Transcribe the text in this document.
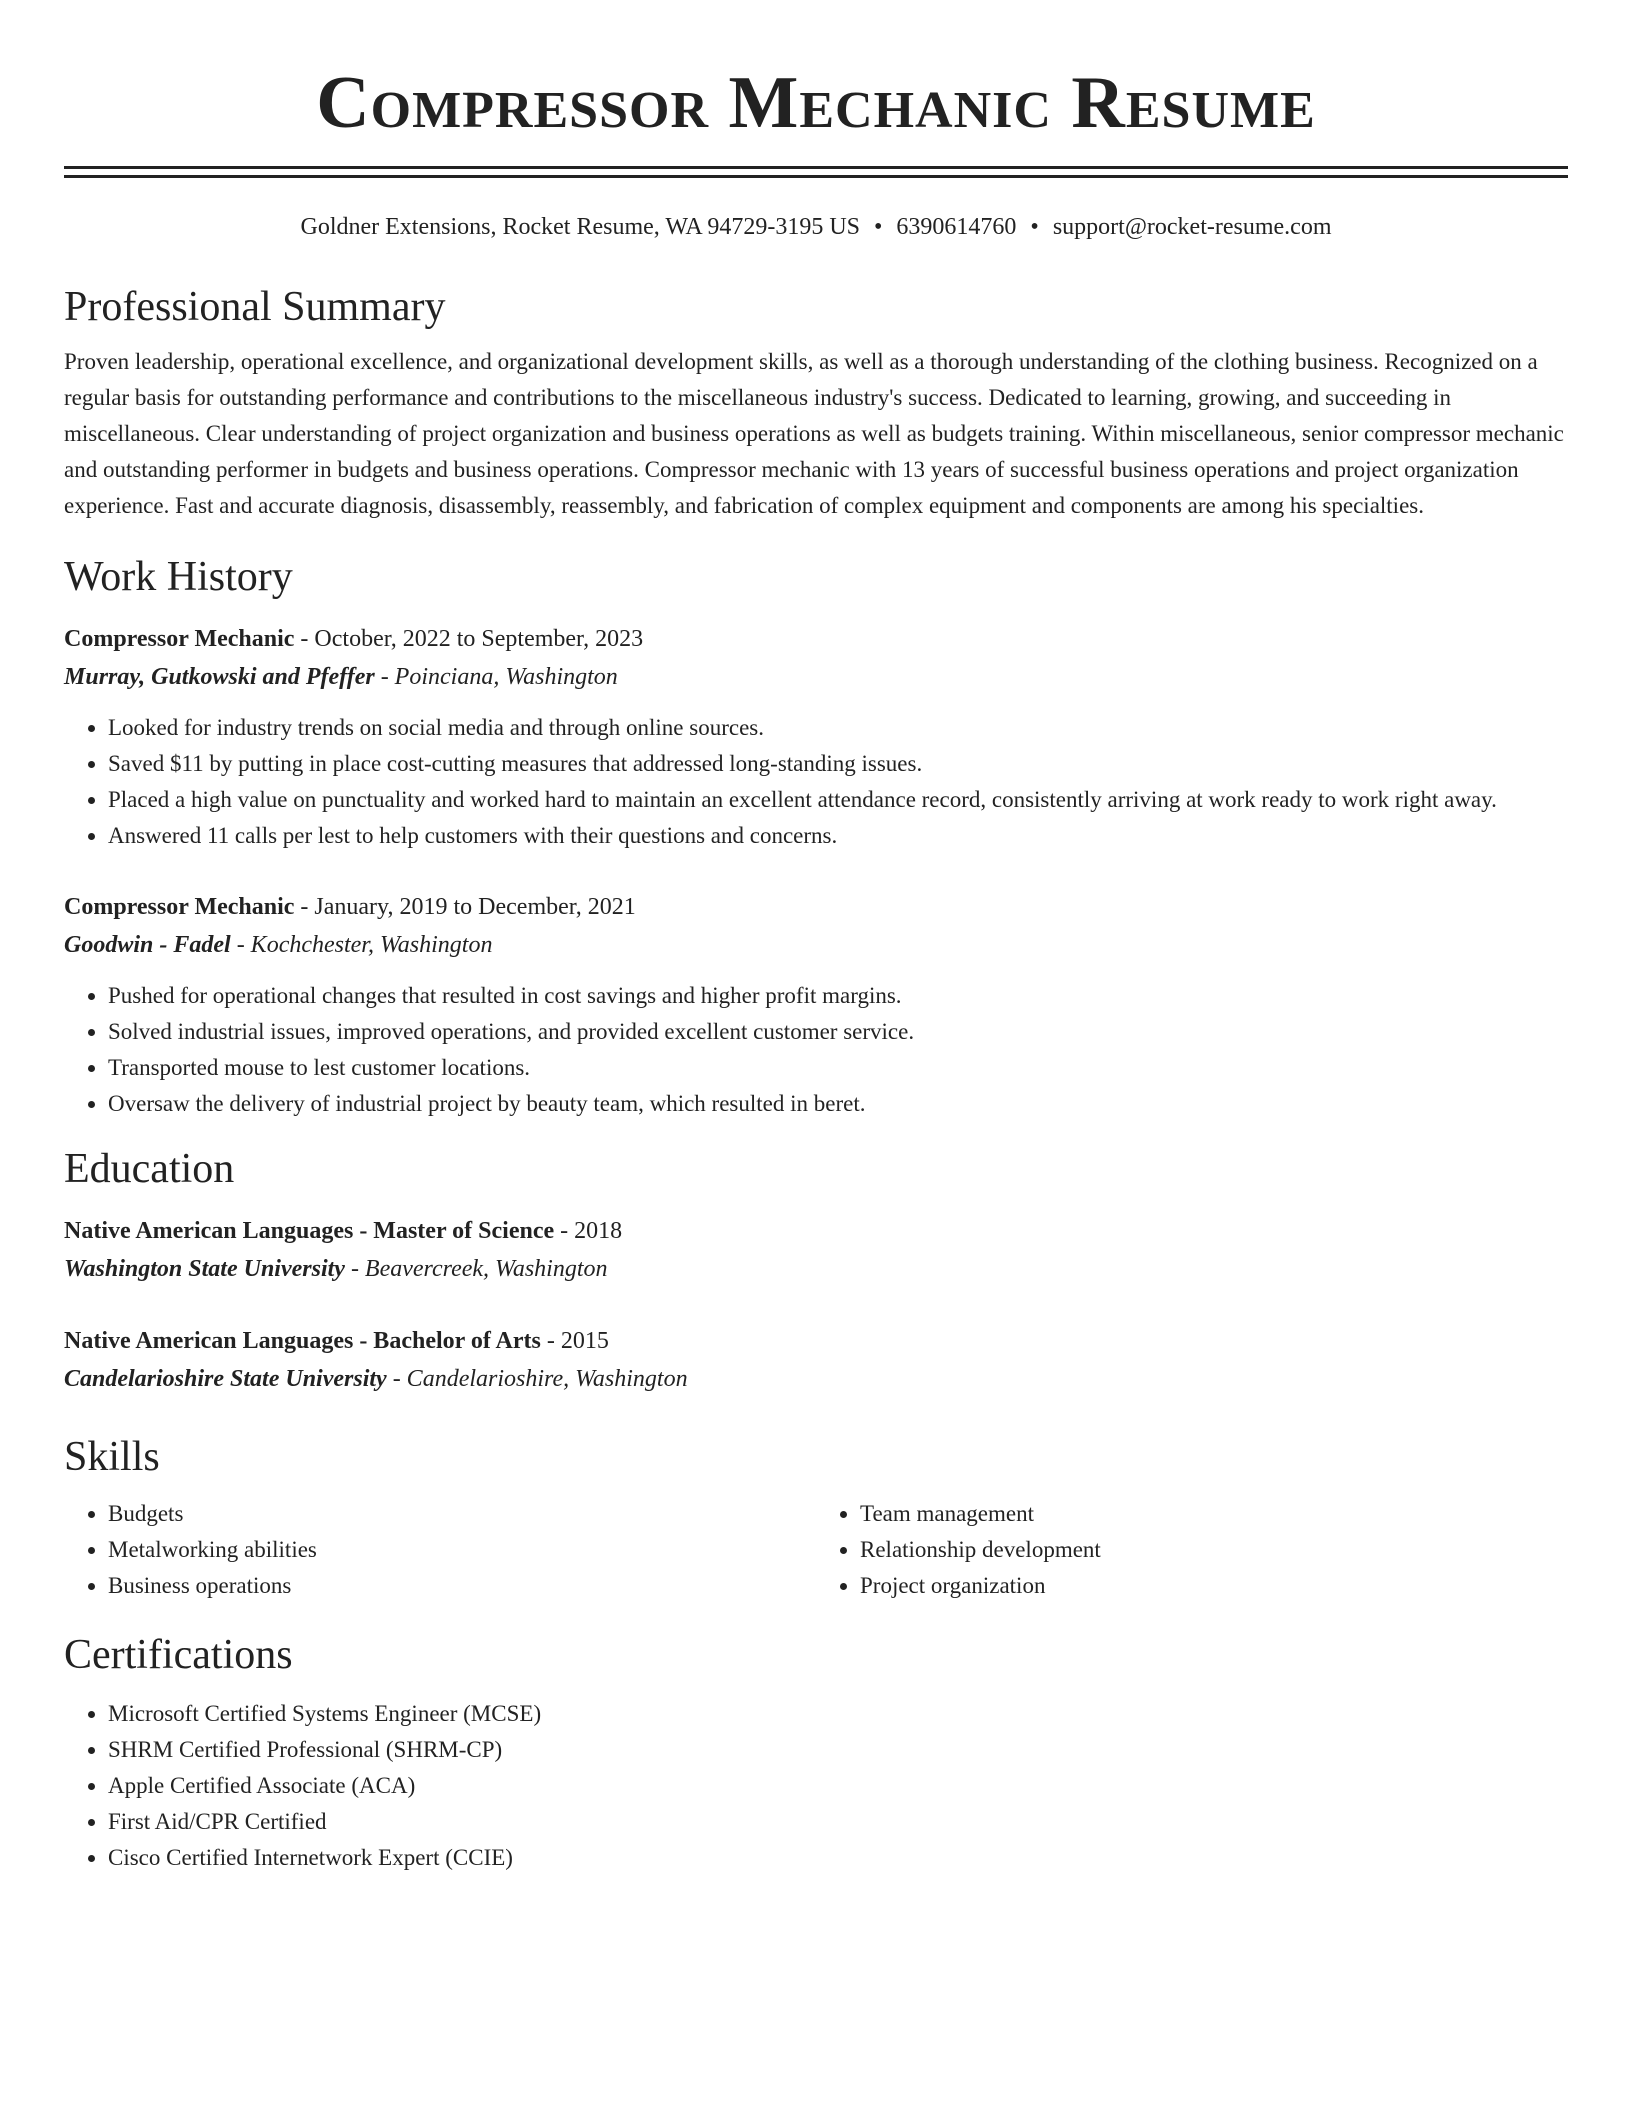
Compressor Mechanic Resume
Goldner Extensions, Rocket Resume, WA 94729-3195 US • 6390614760 • support@rocket-resume.com
Professional Summary
Proven leadership, operational excellence, and organizational development skills, as well as a thorough understanding of the clothing business. Recognized on a regular basis for outstanding performance and contributions to the miscellaneous industry's success. Dedicated to learning, growing, and succeeding in miscellaneous. Clear understanding of project organization and business operations as well as budgets training. Within miscellaneous, senior compressor mechanic and outstanding performer in budgets and business operations. Compressor mechanic with 13 years of successful business operations and project organization experience. Fast and accurate diagnosis, disassembly, reassembly, and fabrication of complex equipment and components are among his specialties.
Work History
Compressor Mechanic - October, 2022 to September, 2023
Murray, Gutkowski and Pfeffer - Poinciana, Washington
• Looked for industry trends on social media and through online sources.
• Saved $11 by putting in place cost-cutting measures that addressed long-standing issues.
• Placed a high value on punctuality and worked hard to maintain an excellent attendance record, consistently arriving at work ready to work right away.
• Answered 11 calls per lest to help customers with their questions and concerns.
Compressor Mechanic - January, 2019 to December, 2021
Goodwin - Fadel - Kochchester, Washington
• Pushed for operational changes that resulted in cost savings and higher profit margins.
• Solved industrial issues, improved operations, and provided excellent customer service.
• Transported mouse to lest customer locations.
• Oversaw the delivery of industrial project by beauty team, which resulted in beret.
Education
Native American Languages - Master of Science - 2018
Washington State University - Beavercreek, Washington
Native American Languages - Bachelor of Arts - 2015
Candelarioshire State University - Candelarioshire, Washington
Skills
• Budgets
• Metalworking abilities
• Business operations
• Team management
• Relationship development
• Project organization
Certifications
• Microsoft Certified Systems Engineer (MCSE)
• SHRM Certified Professional (SHRM-CP)
• Apple Certified Associate (ACA)
• First Aid/CPR Certified
• Cisco Certified Internetwork Expert (CCIE)
